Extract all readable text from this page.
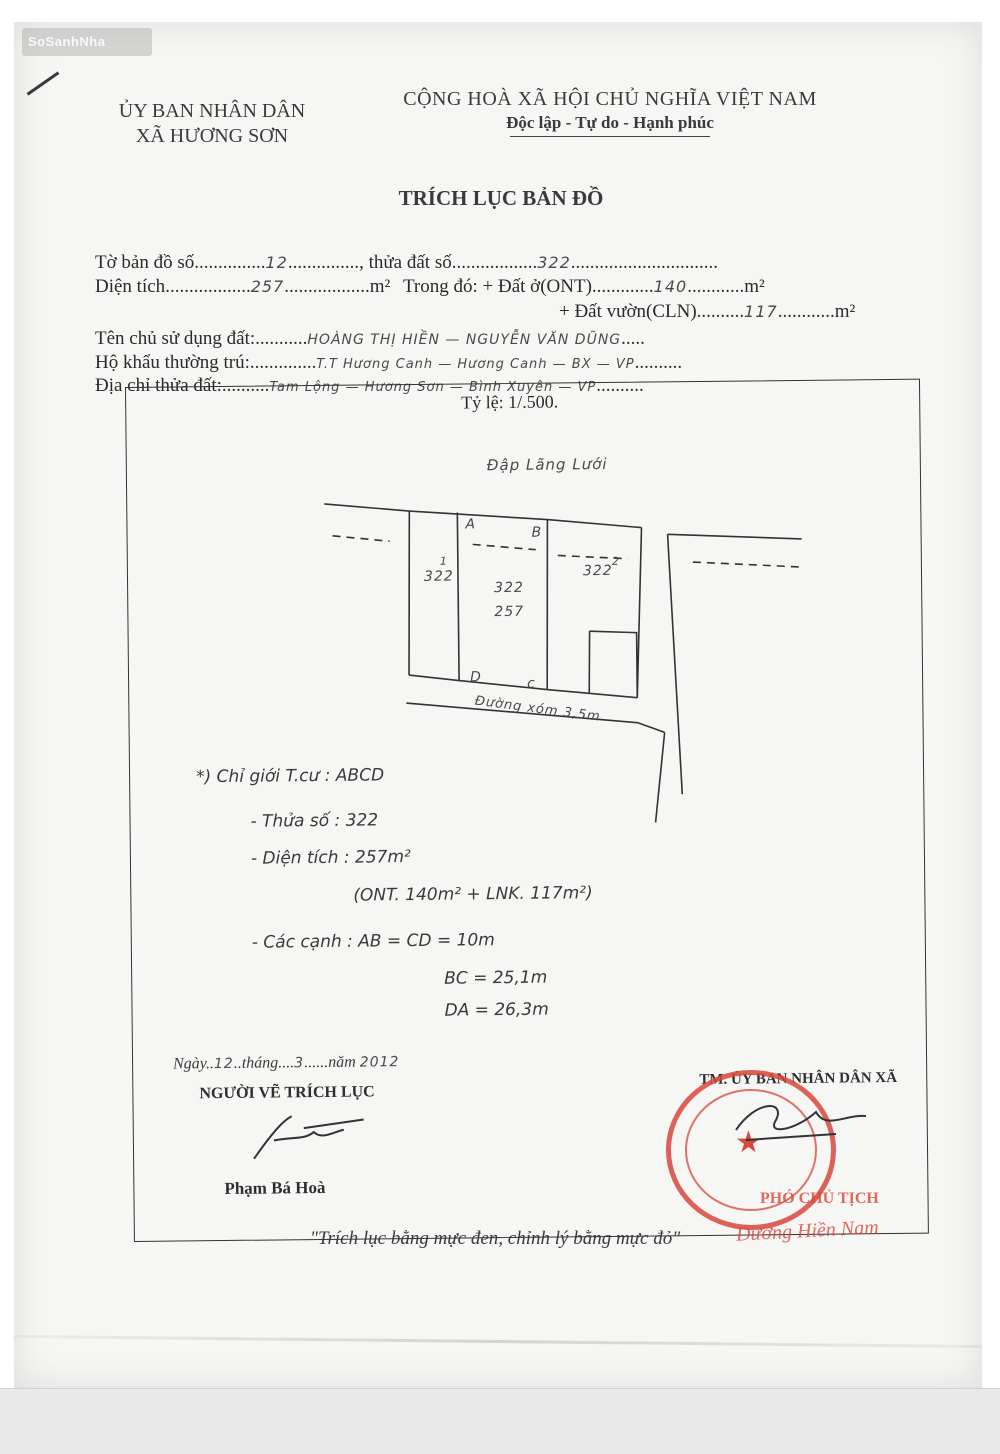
SoSanhNha
ỦY BAN NHÂN DÂN
XÃ HƯƠNG SƠN
CỘNG HOÀ XÃ HỘI CHỦ NGHĨA VIỆT NAM
Độc lập - Tự do - Hạnh phúc
TRÍCH LỤC BẢN ĐỒ
Tờ bản đồ số...............12..............., thửa đất số..................322...............................
Diện tích..................257..................m² Trong đó: + Đất ở(ONT).............140............m²
+ Đất vườn(CLN)..........117............m²
Tên chủ sử dụng đất:...........HOÀNG THỊ HIỀN — NGUYỄN VĂN DŨNG.....
Hộ khẩu thường trú:..............T.T Hương Canh — Hương Canh — BX — VP..........
Địa chỉ thửa đất:..........Tam Lộng — Hương Sơn — Bình Xuyên — VP..........
Tỷ lệ: 1/.500.
Đập Lãng Lưới
A
B
D	c
1
322
322
257
322
2
Đường xóm 3,5m
*) Chỉ giới T.cư : ABCD
- Thửa số : 322
- Diện tích : 257m²
(ONT. 140m² + LNK. 117m²)
- Các cạnh : AB = CD = 10m
BC = 25,1m
DA = 26,3m
Ngày..12..tháng....3......năm 2012
NGƯỜI VẼ TRÍCH LỤC
Phạm Bá Hoà
TM. ỦY BAN NHÂN DÂN XÃ
★
PHÓ CHỦ TỊCH
Dương Hiền Nam
"Trích lục bằng mực đen, chỉnh lý bằng mực đỏ"
